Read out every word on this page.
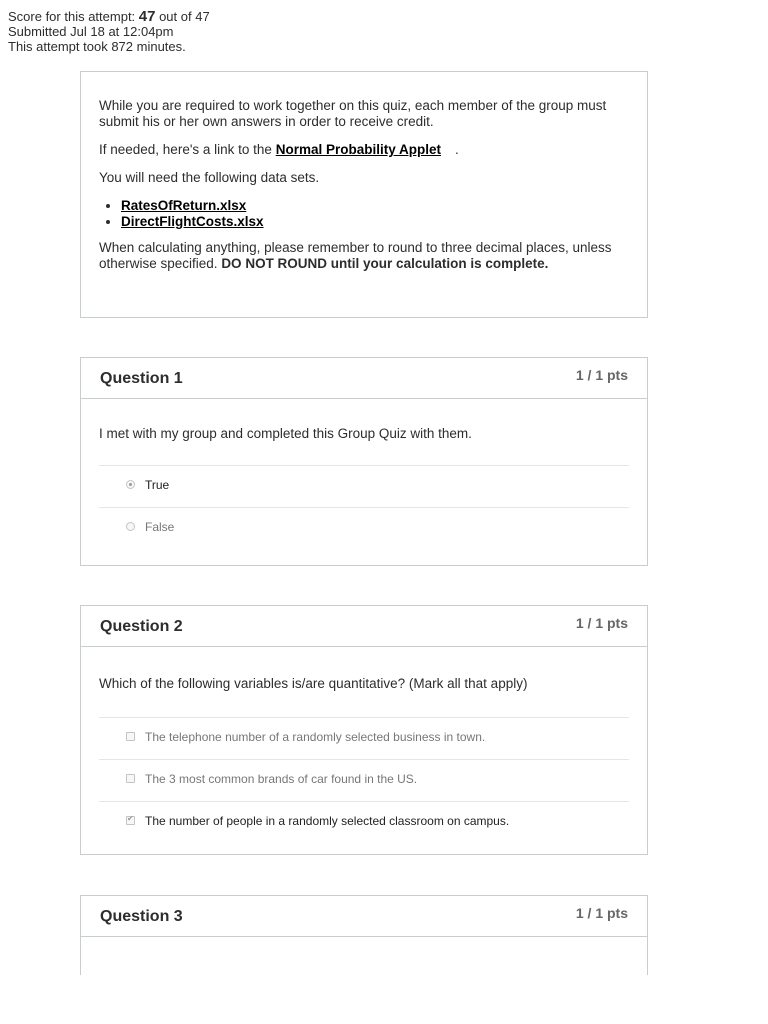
Score for this attempt: 47 out of 47
Submitted Jul 18 at 12:04pm
This attempt took 872 minutes.

While you are required to work together on this quiz, each member of the group must submit his or her own answers in order to receive credit.

If needed, here's a link to the Normal Probability Applet .

You will need the following data sets.

• RatesOfReturn.xlsx
• DirectFlightCosts.xlsx

When calculating anything, please remember to round to three decimal places, unless otherwise specified. DO NOT ROUND until your calculation is complete.

Question 1	1 / 1 pts
I met with my group and completed this Group Quiz with them.
True
False
Question 2	1 / 1 pts
Which of the following variables is/are quantitative? (Mark all that apply)
The telephone number of a randomly selected business in town.
The 3 most common brands of car found in the US.
✔
The number of people in a randomly selected classroom on campus.
Question 3	1 / 1 pts
